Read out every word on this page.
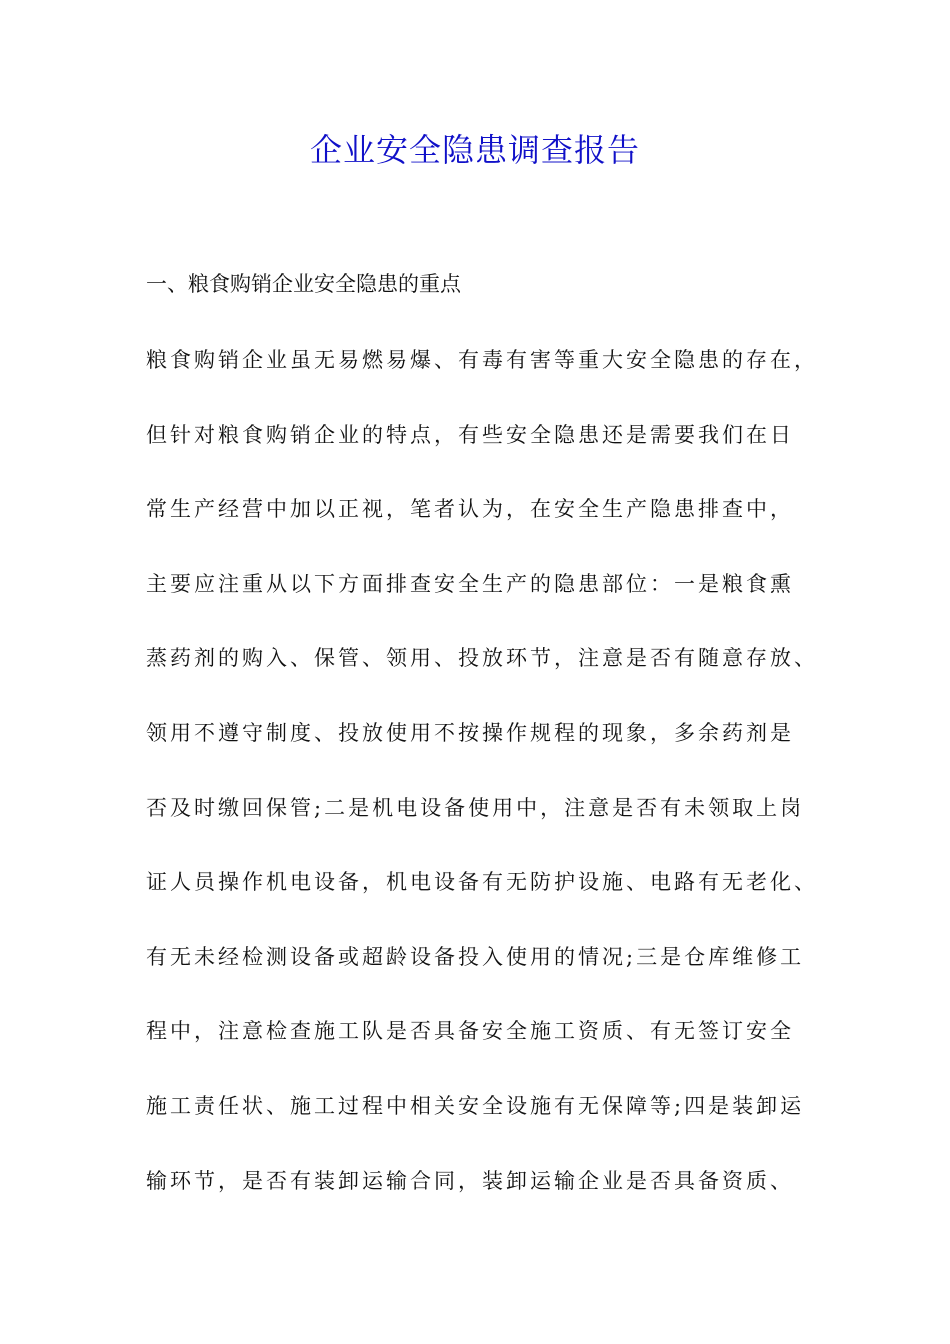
企业安全隐患调查报告
一、粮食购销企业安全隐患的重点
粮食购销企业虽无易燃易爆、有毒有害等重大安全隐患的存在，
但针对粮食购销企业的特点，有些安全隐患还是需要我们在日
常生产经营中加以正视，笔者认为，在安全生产隐患排查中，
主要应注重从以下方面排查安全生产的隐患部位：一是粮食熏
蒸药剂的购入、保管、领用、投放环节，注意是否有随意存放、
领用不遵守制度、投放使用不按操作规程的现象，多余药剂是
否及时缴回保管;二是机电设备使用中，注意是否有未领取上岗
证人员操作机电设备，机电设备有无防护设施、电路有无老化、
有无未经检测设备或超龄设备投入使用的情况;三是仓库维修工
程中，注意检查施工队是否具备安全施工资质、有无签订安全
施工责任状、施工过程中相关安全设施有无保障等;四是装卸运
输环节，是否有装卸运输合同，装卸运输企业是否具备资质、
